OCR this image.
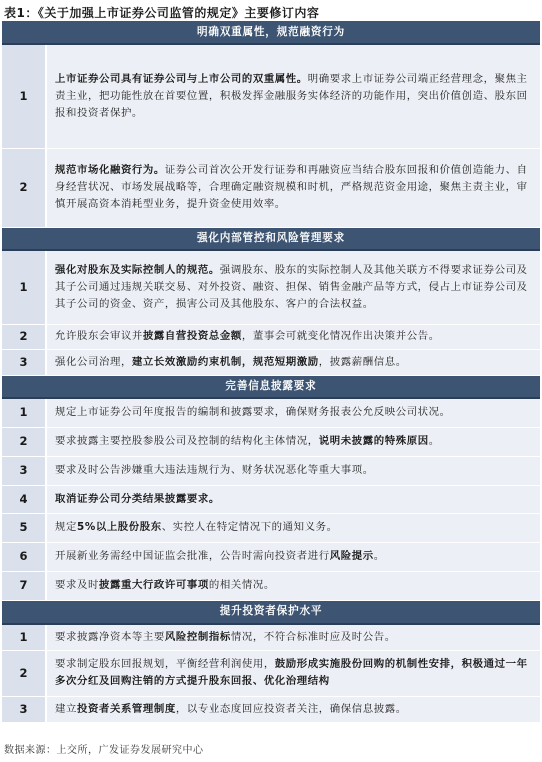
表1：《关于加强上市证券公司监管的规定》主要修订内容
明确双重属性，规范融资行为	
1	上市证券公司具有证券公司与上市公司的双重属性。明确要求上市证券公司端正经营理念，聚焦主责主业，把功能性放在首要位置，积极发挥金融服务实体经济的功能作用，突出价值创造、股东回报和投资者保护。
2	规范市场化融资行为。证券公司首次公开发行证券和再融资应当结合股东回报和价值创造能力、自身经营状况、市场发展战略等，合理确定融资规模和时机，严格规范资金用途，聚焦主责主业，审慎开展高资本消耗型业务，提升资金使用效率。
强化内部管控和风险管理要求	
1	强化对股东及实际控制人的规范。强调股东、股东的实际控制人及其他关联方不得要求证券公司及其子公司通过违规关联交易、对外投资、融资、担保、销售金融产品等方式，侵占上市证券公司及其子公司的资金、资产，损害公司及其他股东、客户的合法权益。
2	允许股东会审议并披露自营投资总金额，董事会可就变化情况作出决策并公告。
3	强化公司治理，建立长效激励约束机制，规范短期激励，披露薪酬信息。
完善信息披露要求	
1	规定上市证券公司年度报告的编制和披露要求，确保财务报表公允反映公司状况。
2	要求披露主要控股参股公司及控制的结构化主体情况，说明未披露的特殊原因。
3	要求及时公告涉嫌重大违法违规行为、财务状况恶化等重大事项。
4	取消证券公司分类结果披露要求。
5	规定5%以上股份股东、实控人在特定情况下的通知义务。
6	开展新业务需经中国证监会批准，公告时需向投资者进行风险提示。
7	要求及时披露重大行政许可事项的相关情况。
提升投资者保护水平	
1	要求披露净资本等主要风险控制指标情况，不符合标准时应及时公告。
2	要求制定股东回报规划，平衡经营利润使用，鼓励形成实施股份回购的机制性安排，积极通过一年多次分红及回购注销的方式提升股东回报、优化治理结构
3	建立投资者关系管理制度，以专业态度回应投资者关注，确保信息披露。
数据来源：上交所，广发证券发展研究中心
